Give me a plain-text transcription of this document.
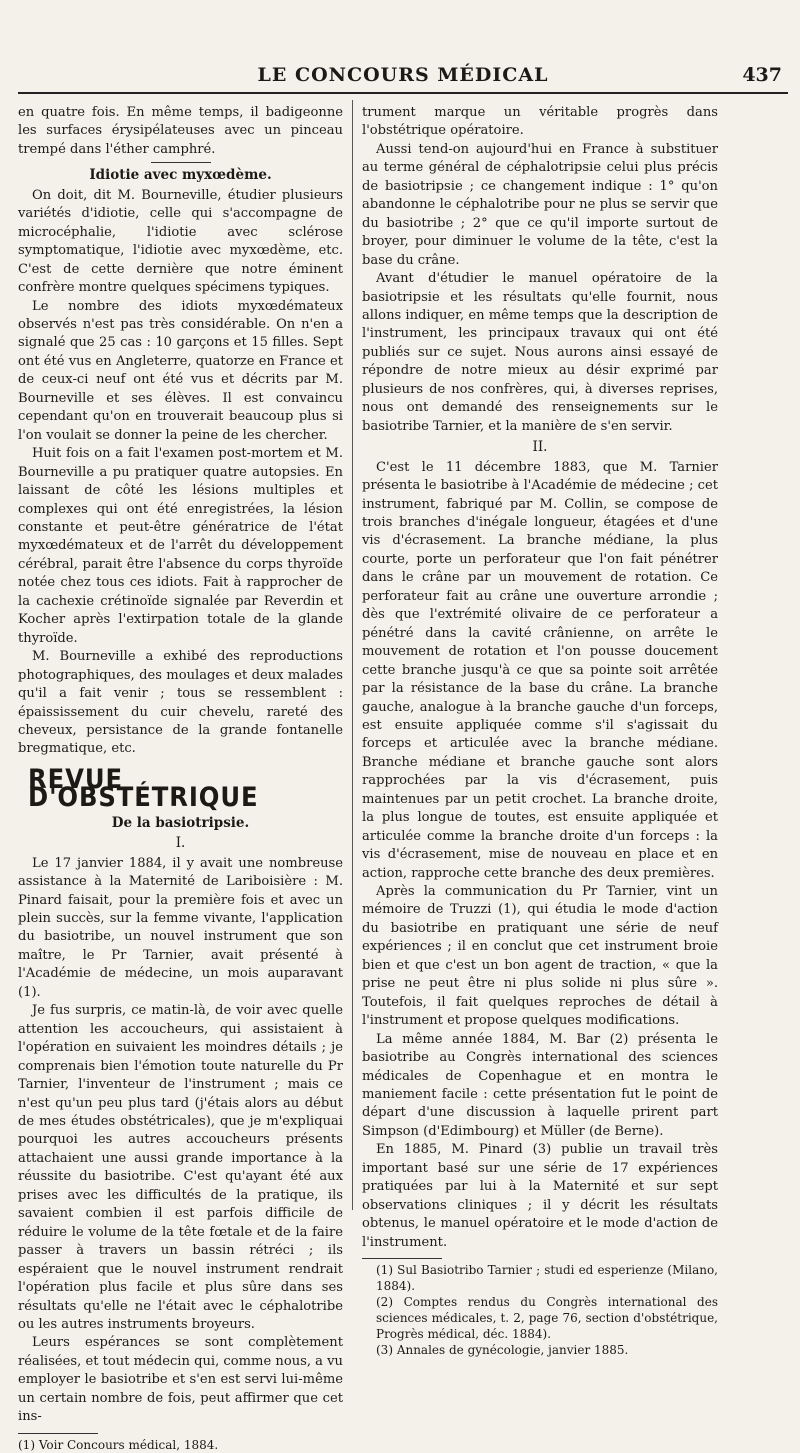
LE CONCOURS MÉDICAL	437

en quatre fois. En même temps, il badigeonne les surfaces érysipélateuses avec un pinceau trempé dans l'éther camphré.

Idiotie avec myxœdème.

On doit, dit M. Bourneville, étudier plusieurs variétés d'idiotie, celle qui s'accompagne de microcéphalie, l'idiotie avec sclérose symptomatique, l'idiotie avec myxœdème, etc. C'est de cette dernière que notre éminent confrère montre quelques spécimens typiques.

Le nombre des idiots myxœdémateux observés n'est pas très considérable. On n'en a signalé que 25 cas : 10 garçons et 15 filles. Sept ont été vus en Angleterre, quatorze en France et de ceux-ci neuf ont été vus et décrits par M. Bourneville et ses élèves. Il est convaincu cependant qu'on en trouverait beaucoup plus si l'on voulait se donner la peine de les chercher.

Huit fois on a fait l'examen post-mortem et M. Bourneville a pu pratiquer quatre autopsies. En laissant de côté les lésions multiples et complexes qui ont été enregistrées, la lésion constante et peut-être génératrice de l'état myxœdémateux et de l'arrêt du développement cérébral, parait être l'absence du corps thyroïde notée chez tous ces idiots. Fait à rapprocher de la cachexie crétinoïde signalée par Reverdin et Kocher après l'extirpation totale de la glande thyroïde.

M. Bourneville a exhibé des reproductions photographiques, des moulages et deux malades qu'il a fait venir ; tous se ressemblent : épaississement du cuir chevelu, rareté des cheveux, persistance de la grande fontanelle bregmatique, etc.

REVUE D'OBSTÉTRIQUE
De la basiotripsie.
I.

Le 17 janvier 1884, il y avait une nombreuse assistance à la Maternité de Lariboisière : M. Pinard faisait, pour la première fois et avec un plein succès, sur la femme vivante, l'application du basiotribe, un nouvel instrument que son maître, le Pr Tarnier, avait présenté à l'Académie de médecine, un mois auparavant (1).

Je fus surpris, ce matin-là, de voir avec quelle attention les accoucheurs, qui assistaient à l'opération en suivaient les moindres détails ; je comprenais bien l'émotion toute naturelle du Pr Tarnier, l'inventeur de l'instrument ; mais ce n'est qu'un peu plus tard (j'étais alors au début de mes études obstétricales), que je m'expliquai pourquoi les autres accoucheurs présents attachaient une aussi grande importance à la réussite du basiotribe. C'est qu'ayant été aux prises avec les difficultés de la pratique, ils savaient combien il est parfois difficile de réduire le volume de la tête fœtale et de la faire passer à travers un bassin rétréci ; ils espéraient que le nouvel instrument rendrait l'opération plus facile et plus sûre dans ses résultats qu'elle ne l'était avec le céphalotribe ou les autres instruments broyeurs.

Leurs espérances se sont complètement réalisées, et tout médecin qui, comme nous, a vu employer le basiotribe et s'en est servi lui-même un certain nombre de fois, peut affirmer que cet ins-

(1) Voir Concours médical, 1884.

trument marque un véritable progrès dans l'obstétrique opératoire.

Aussi tend-on aujourd'hui en France à substituer au terme général de céphalotripsie celui plus précis de basiotripsie ; ce changement indique : 1° qu'on abandonne le céphalotribe pour ne plus se servir que du basiotribe ; 2° que ce qu'il importe surtout de broyer, pour diminuer le volume de la tête, c'est la base du crâne.

Avant d'étudier le manuel opératoire de la basiotripsie et les résultats qu'elle fournit, nous allons indiquer, en même temps que la description de l'instrument, les principaux travaux qui ont été publiés sur ce sujet. Nous aurons ainsi essayé de répondre de notre mieux au désir exprimé par plusieurs de nos confrères, qui, à diverses reprises, nous ont demandé des renseignements sur le basiotribe Tarnier, et la manière de s'en servir.

II.

C'est le 11 décembre 1883, que M. Tarnier présenta le basiotribe à l'Académie de médecine ; cet instrument, fabriqué par M. Collin, se compose de trois branches d'inégale longueur, étagées et d'une vis d'écrasement. La branche médiane, la plus courte, porte un perforateur que l'on fait pénétrer dans le crâne par un mouvement de rotation. Ce perforateur fait au crâne une ouverture arrondie ; dès que l'extrémité olivaire de ce perforateur a pénétré dans la cavité crânienne, on arrête le mouvement de rotation et l'on pousse doucement cette branche jusqu'à ce que sa pointe soit arrêtée par la résistance de la base du crâne. La branche gauche, analogue à la branche gauche d'un forceps, est ensuite appliquée comme s'il s'agissait du forceps et articulée avec la branche médiane. Branche médiane et branche gauche sont alors rapprochées par la vis d'écrasement, puis maintenues par un petit crochet. La branche droite, la plus longue de toutes, est ensuite appliquée et articulée comme la branche droite d'un forceps : la vis d'écrasement, mise de nouveau en place et en action, rapproche cette branche des deux premières.

Après la communication du Pr Tarnier, vint un mémoire de Truzzi (1), qui étudia le mode d'action du basiotribe en pratiquant une série de neuf expériences ; il en conclut que cet instrument broie bien et que c'est un bon agent de traction, « que la prise ne peut être ni plus solide ni plus sûre ». Toutefois, il fait quelques reproches de détail à l'instrument et propose quelques modifications.

La même année 1884, M. Bar (2) présenta le basiotribe au Congrès international des sciences médicales de Copenhague et en montra le maniement facile : cette présentation fut le point de départ d'une discussion à laquelle prirent part Simpson (d'Edimbourg) et Müller (de Berne).

En 1885, M. Pinard (3) publie un travail très important basé sur une série de 17 expériences pratiquées par lui à la Maternité et sur sept observations cliniques ; il y décrit les résultats obtenus, le manuel opératoire et le mode d'action de l'instrument.

(1) Sul Basiotribo Tarnier ; studi ed esperienze (Milano, 1884).

(2) Comptes rendus du Congrès international des sciences médicales, t. 2, page 76, section d'obstétrique, Progrès médical, déc. 1884).

(3) Annales de gynécologie, janvier 1885.
